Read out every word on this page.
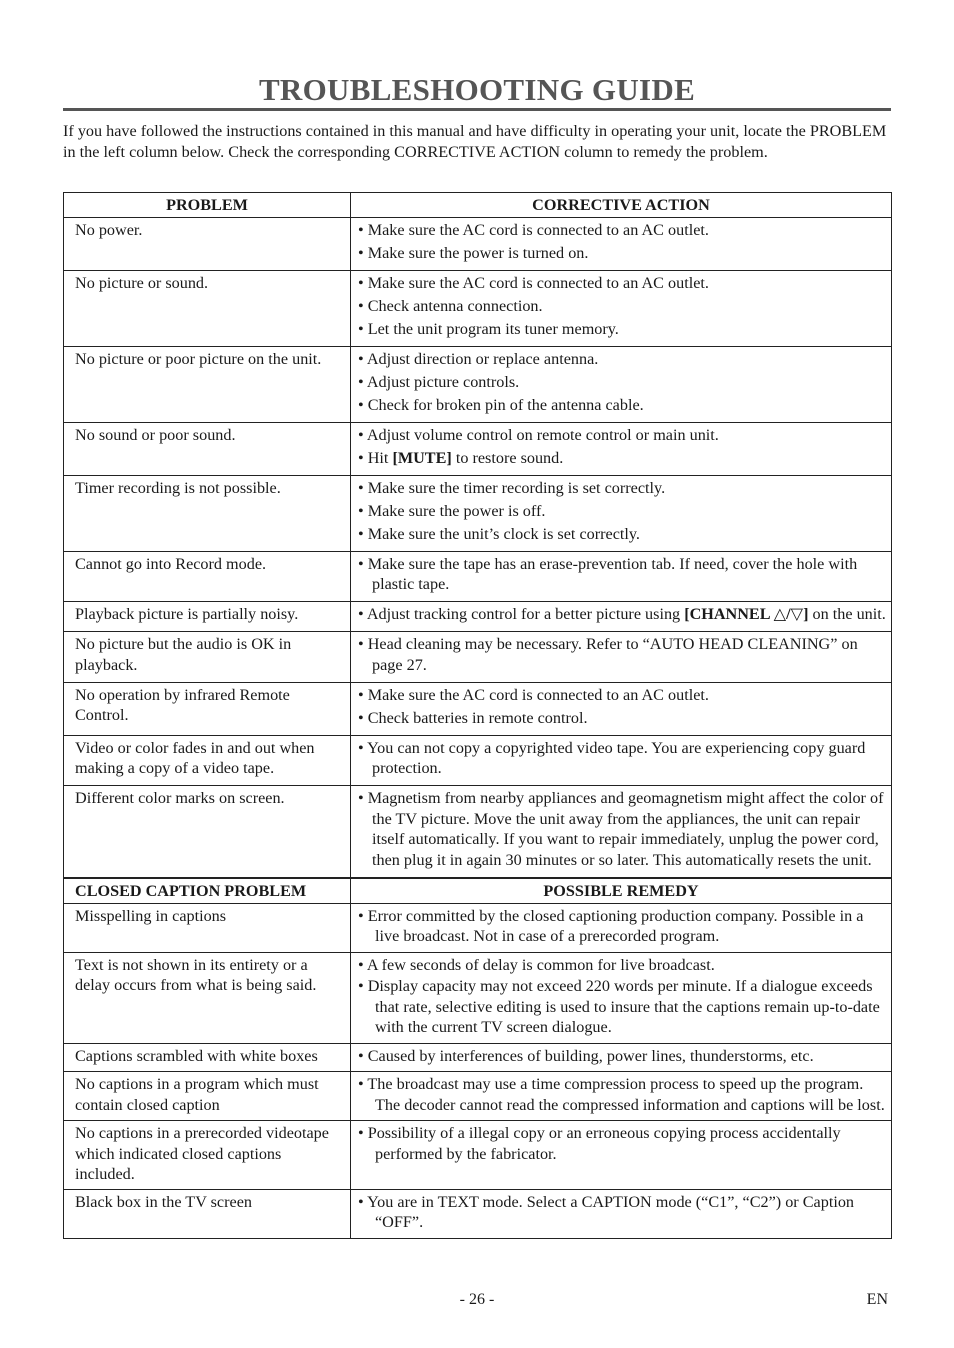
TROUBLESHOOTING GUIDE
If you have followed the instructions contained in this manual and have difficulty in operating your unit, locate the PROBLEM in the left column below. Check the corresponding CORRECTIVE ACTION column to remedy the problem.
PROBLEM	CORRECTIVE ACTION
No power.	• Make sure the AC cord is connected to an AC outlet.
• Make sure the power is turned on.

No picture or sound.	• Make sure the AC cord is connected to an AC outlet.
• Check antenna connection.
• Let the unit program its tuner memory.

No picture or poor picture on the unit.	• Adjust direction or replace antenna.
• Adjust picture controls.
• Check for broken pin of the antenna cable.

No sound or poor sound.	• Adjust volume control on remote control or main unit.
• Hit [MUTE] to restore sound.

Timer recording is not possible.	• Make sure the timer recording is set correctly.
• Make sure the power is off.
• Make sure the unit’s clock is set correctly.

Cannot go into Record mode.	• Make sure the tape has an erase-prevention tab. If need, cover the hole with plastic tape.

Playback picture is partially noisy.	• Adjust tracking control for a better picture using [CHANNEL △/▽] on the unit.

No picture but the audio is OK in playback.	• Head cleaning may be necessary. Refer to “AUTO HEAD CLEANING” on page 27.

No operation by infrared Remote Control.	• Make sure the AC cord is connected to an AC outlet.
• Check batteries in remote control.

Video or color fades in and out when making a copy of a video tape.	• You can not copy a copyrighted video tape. You are experiencing copy guard protection.

Different color marks on screen.	• Magnetism from nearby appliances and geomagnetism might affect the color of the TV picture. Move the unit away from the appliances, the unit can repair itself automatically. If you want to repair immediately, unplug the power cord, then plug it in again 30 minutes or so later. This automatically resets the unit.
CLOSED CAPTION PROBLEM	POSSIBLE REMEDY
Misspelling in captions	• Error committed by the closed captioning production company. Possible in a live broadcast. Not in case of a prerecorded program.

Text is not shown in its entirety or a delay occurs from what is being said.	• A few seconds of delay is common for live broadcast.
• Display capacity may not exceed 220 words per minute. If a dialogue exceeds that rate, selective editing is used to insure that the captions remain up-to-date with the current TV screen dialogue.

Captions scrambled with white boxes	• Caused by interferences of building, power lines, thunderstorms, etc.

No captions in a program which must contain closed caption	• The broadcast may use a time compression process to speed up the program. The decoder cannot read the compressed information and captions will be lost.

No captions in a prerecorded videotape which indicated closed captions included.	• Possibility of a illegal copy or an erroneous copying process accidentally performed by the fabricator.

Black box in the TV screen	• You are in TEXT mode. Select a CAPTION mode (“C1”, “C2”) or Caption “OFF”.
- 26 -	EN
